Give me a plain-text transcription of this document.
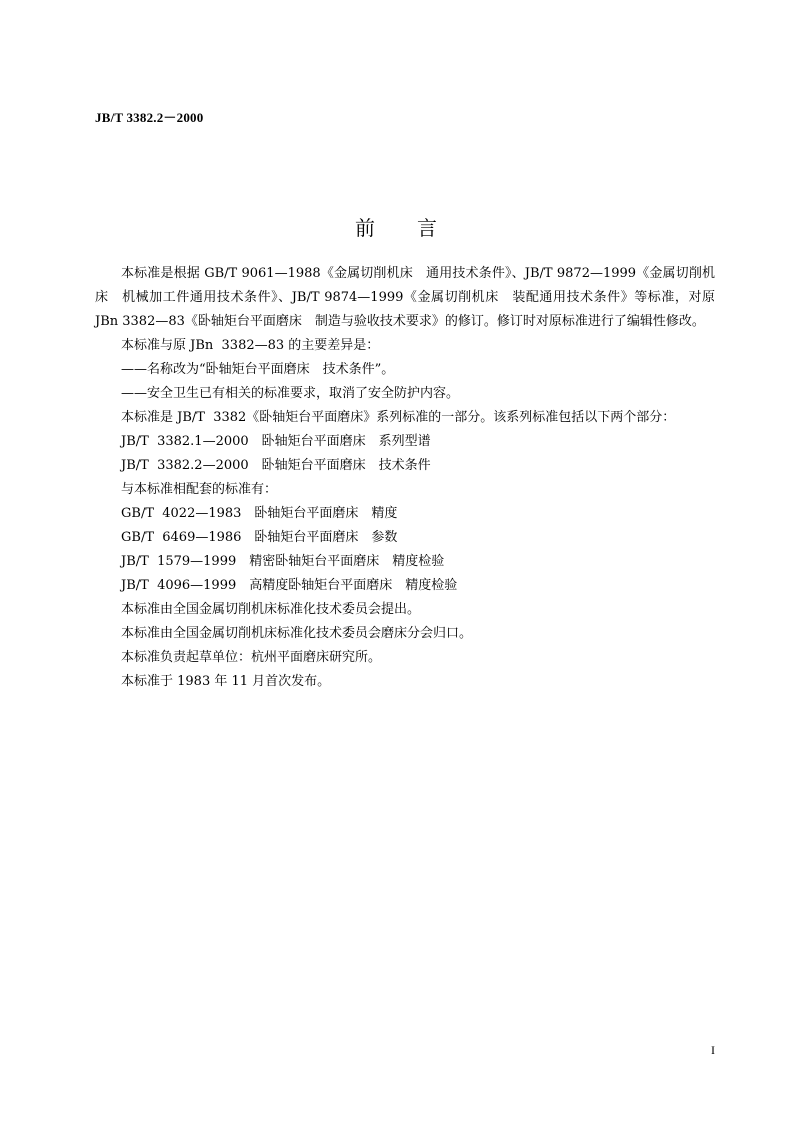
JB/T 3382.2－2000
前 言

本标准是根据 GB/T 9061—1988《金属切削机床　通用技术条件》、JB/T 9872—1999《金属切削机床　机械加工件通用技术条件》、JB/T 9874—1999《金属切削机床　装配通用技术条件》等标准，对原 JBn 3382—83《卧轴矩台平面磨床　制造与验收技术要求》的修订。修订时对原标准进行了编辑性修改。

本标准与原 JBn  3382—83 的主要差异是：

——名称改为“卧轴矩台平面磨床　技术条件”。

——安全卫生已有相关的标准要求，取消了安全防护内容。

本标准是 JB/T  3382《卧轴矩台平面磨床》系列标准的一部分。该系列标准包括以下两个部分：

JB/T  3382.1—2000　卧轴矩台平面磨床　系列型谱

JB/T  3382.2—2000　卧轴矩台平面磨床　技术条件

与本标准相配套的标准有：

GB/T  4022—1983　卧轴矩台平面磨床　精度

GB/T  6469—1986　卧轴矩台平面磨床　参数

JB/T  1579—1999　精密卧轴矩台平面磨床　精度检验

JB/T  4096—1999　高精度卧轴矩台平面磨床　精度检验

本标准由全国金属切削机床标准化技术委员会提出。

本标准由全国金属切削机床标准化技术委员会磨床分会归口。

本标准负责起草单位：杭州平面磨床研究所。

本标准于 1983 年 11 月首次发布。

I
